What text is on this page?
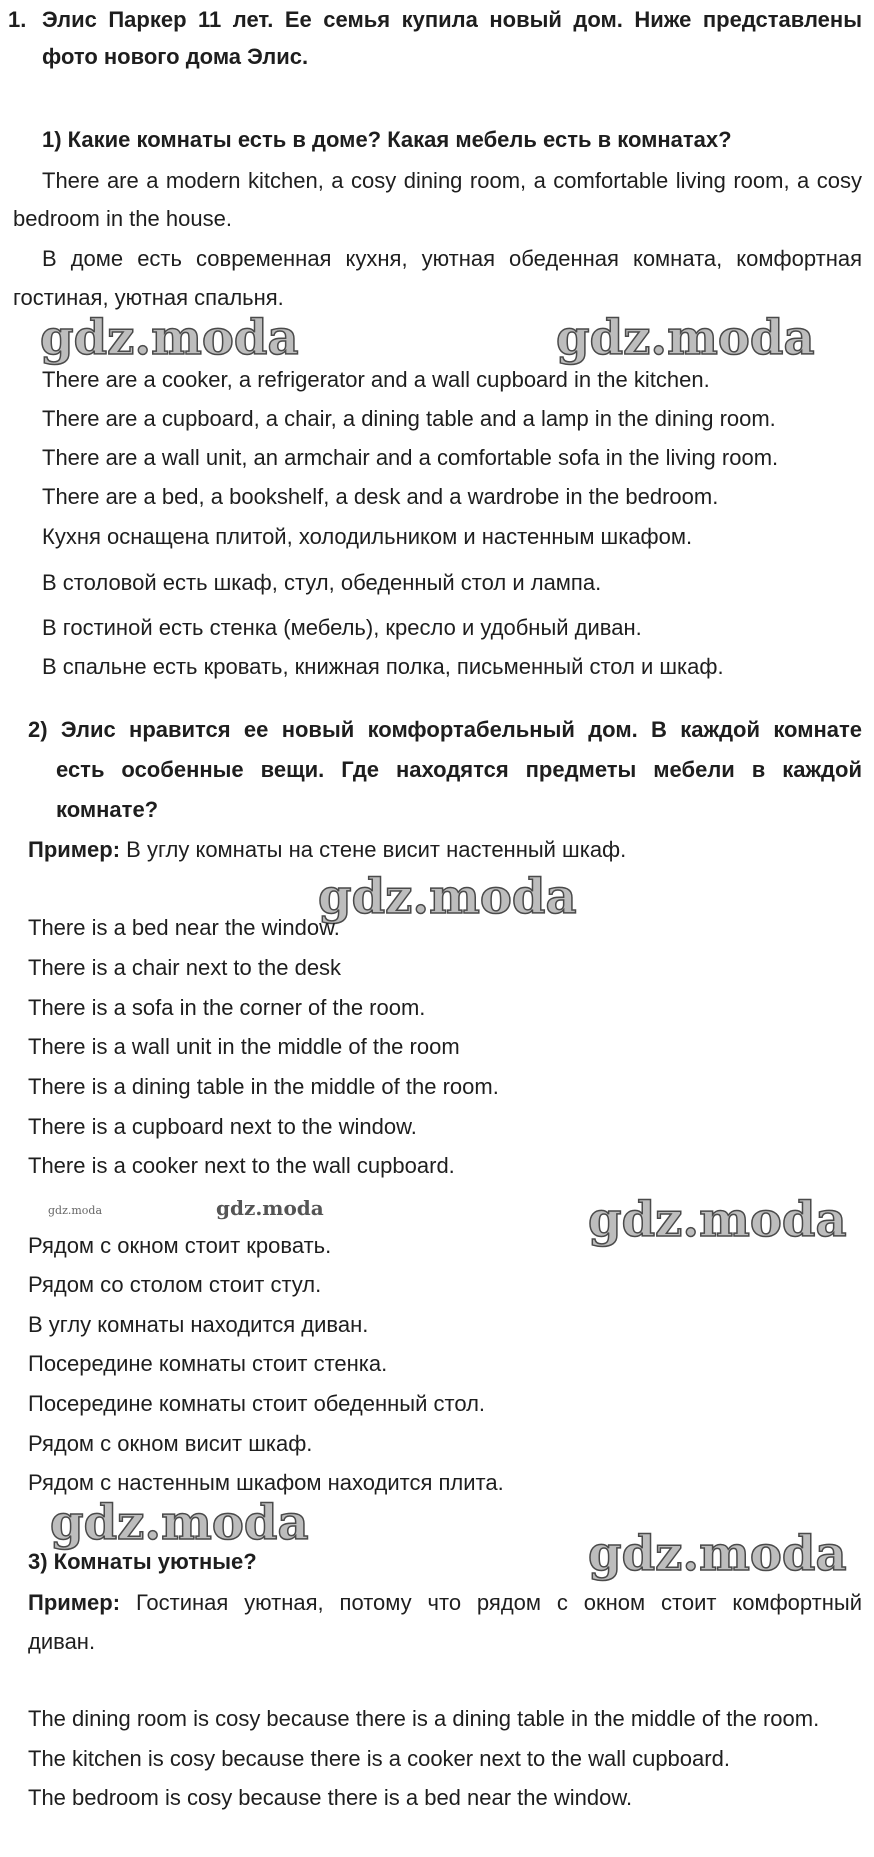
1. Элис Паркер 11 лет. Ее семья купила новый дом. Ниже представлены
фото нового дома Элис.
1) Какие комнаты есть в доме? Какая мебель есть в комнатах?
There are a modern kitchen, a cosy dining room, a comfortable living room, a cosy
bedroom in the house.
В доме есть современная кухня, уютная обеденная комната, комфортная
гостиная, уютная спальня.
gdz.moda	gdz.moda
There are a cooker, a refrigerator and a wall cupboard in the kitchen.
There are a cupboard, a chair, a dining table and a lamp in the dining room.
There are a wall unit, an armchair and a comfortable sofa in the living room.
There are a bed, a bookshelf, a desk and a wardrobe in the bedroom.
Кухня оснащена плитой, холодильником и настенным шкафом.
В столовой есть шкаф, стул, обеденный стол и лампа.
В гостиной есть стенка (мебель), кресло и удобный диван.
В спальне есть кровать, книжная полка, письменный стол и шкаф.
2) Элис нравится ее новый комфортабельный дом. В каждой комнате
есть особенные вещи. Где находятся предметы мебели в каждой
комнате?
Пример: В углу комнаты на стене висит настенный шкаф.
gdz.moda
There is a bed near the window.
There is a chair next to the desk
There is a sofa in the corner of the room.
There is a wall unit in the middle of the room
There is a dining table in the middle of the room.
There is a cupboard next to the window.
There is a cooker next to the wall cupboard.
gdz.moda	gdz.moda	gdz.moda
Рядом с окном стоит кровать.
Рядом со столом стоит стул.
В углу комнаты находится диван.
Посередине комнаты стоит стенка.
Посередине комнаты стоит обеденный стол.
Рядом с окном висит шкаф.
Рядом с настенным шкафом находится плита.
gdz.moda
3) Комнаты уютные?	gdz.moda
Пример: Гостиная уютная, потому что рядом с окном стоит комфортный
диван.
The dining room is cosy because there is a dining table in the middle of the room.
The kitchen is cosy because there is a cooker next to the wall cupboard.
The bedroom is cosy because there is a bed near the window.
